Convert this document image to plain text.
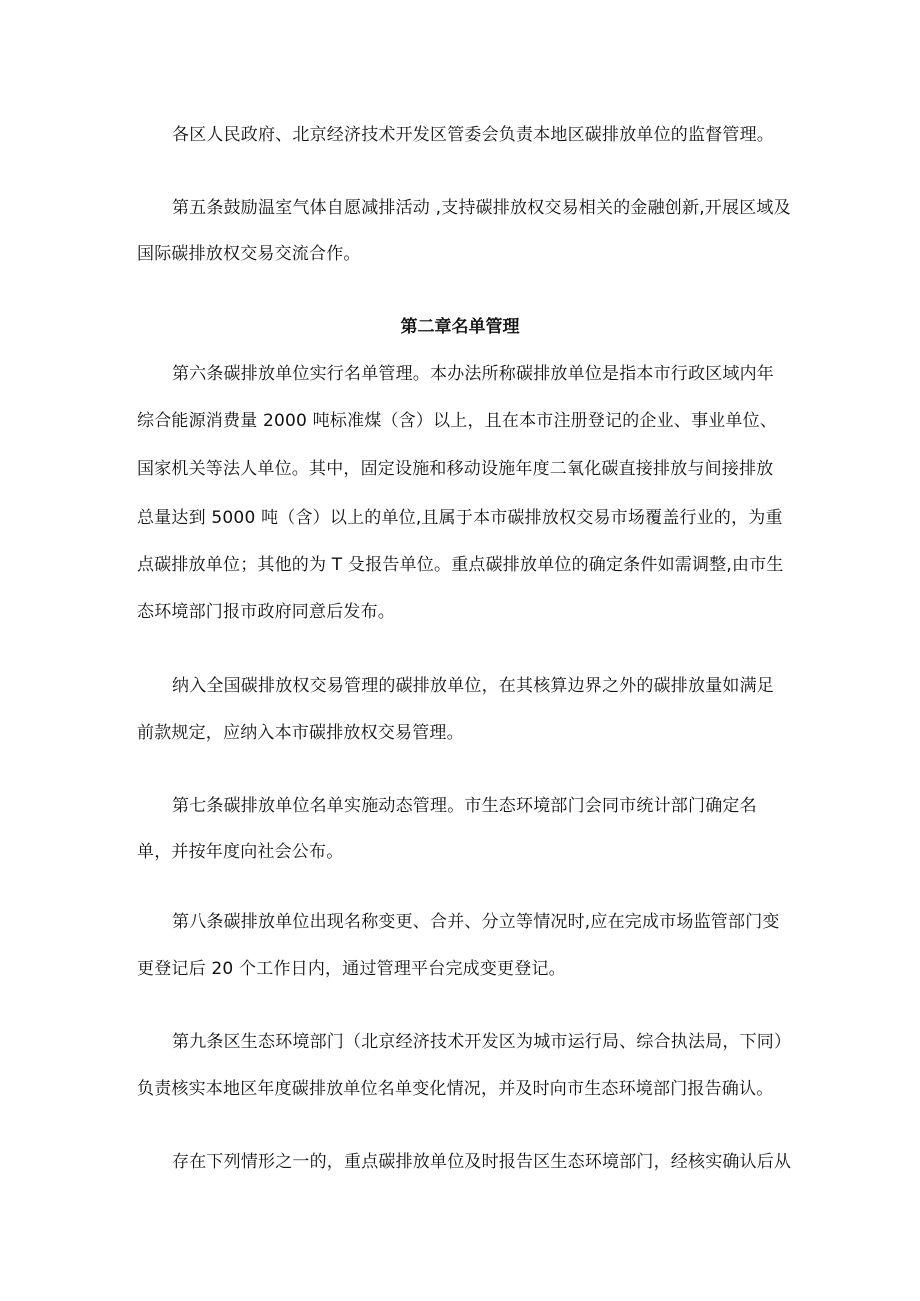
各区人民政府、北京经济技术开发区管委会负责本地区碳排放单位的监督管理。
第五条鼓励温室气体自愿减排活动 ,支持碳排放权交易相关的金融创新,开展区域及
国际碳排放权交易交流合作。
第二章名单管理
第六条碳排放单位实行名单管理。本办法所称碳排放单位是指本市行政区域内年
综合能源消费量 2000 吨标准煤（含）以上，且在本市注册登记的企业、事业单位、
国家机关等法人单位。其中，固定设施和移动设施年度二氧化碳直接排放与间接排放
总量达到 5000 吨（含）以上的单位,且属于本市碳排放权交易市场覆盖行业的，为重
点碳排放单位；其他的为 T 殳报告单位。重点碳排放单位的确定条件如需调整,由市生
态环境部门报市政府同意后发布。
纳入全国碳排放权交易管理的碳排放单位，在其核算边界之外的碳排放量如满足
前款规定，应纳入本市碳排放权交易管理。
第七条碳排放单位名单实施动态管理。市生态环境部门会同市统计部门确定名
单，并按年度向社会公布。
第八条碳排放单位出现名称变更、合并、分立等情况时,应在完成市场监管部门变
更登记后 20 个工作日内，通过管理平台完成变更登记。
第九条区生态环境部门（北京经济技术开发区为城市运行局、综合执法局，下同）
负责核实本地区年度碳排放单位名单变化情况，并及时向市生态环境部门报告确认。
存在下列情形之一的，重点碳排放单位及时报告区生态环境部门，经核实确认后从
